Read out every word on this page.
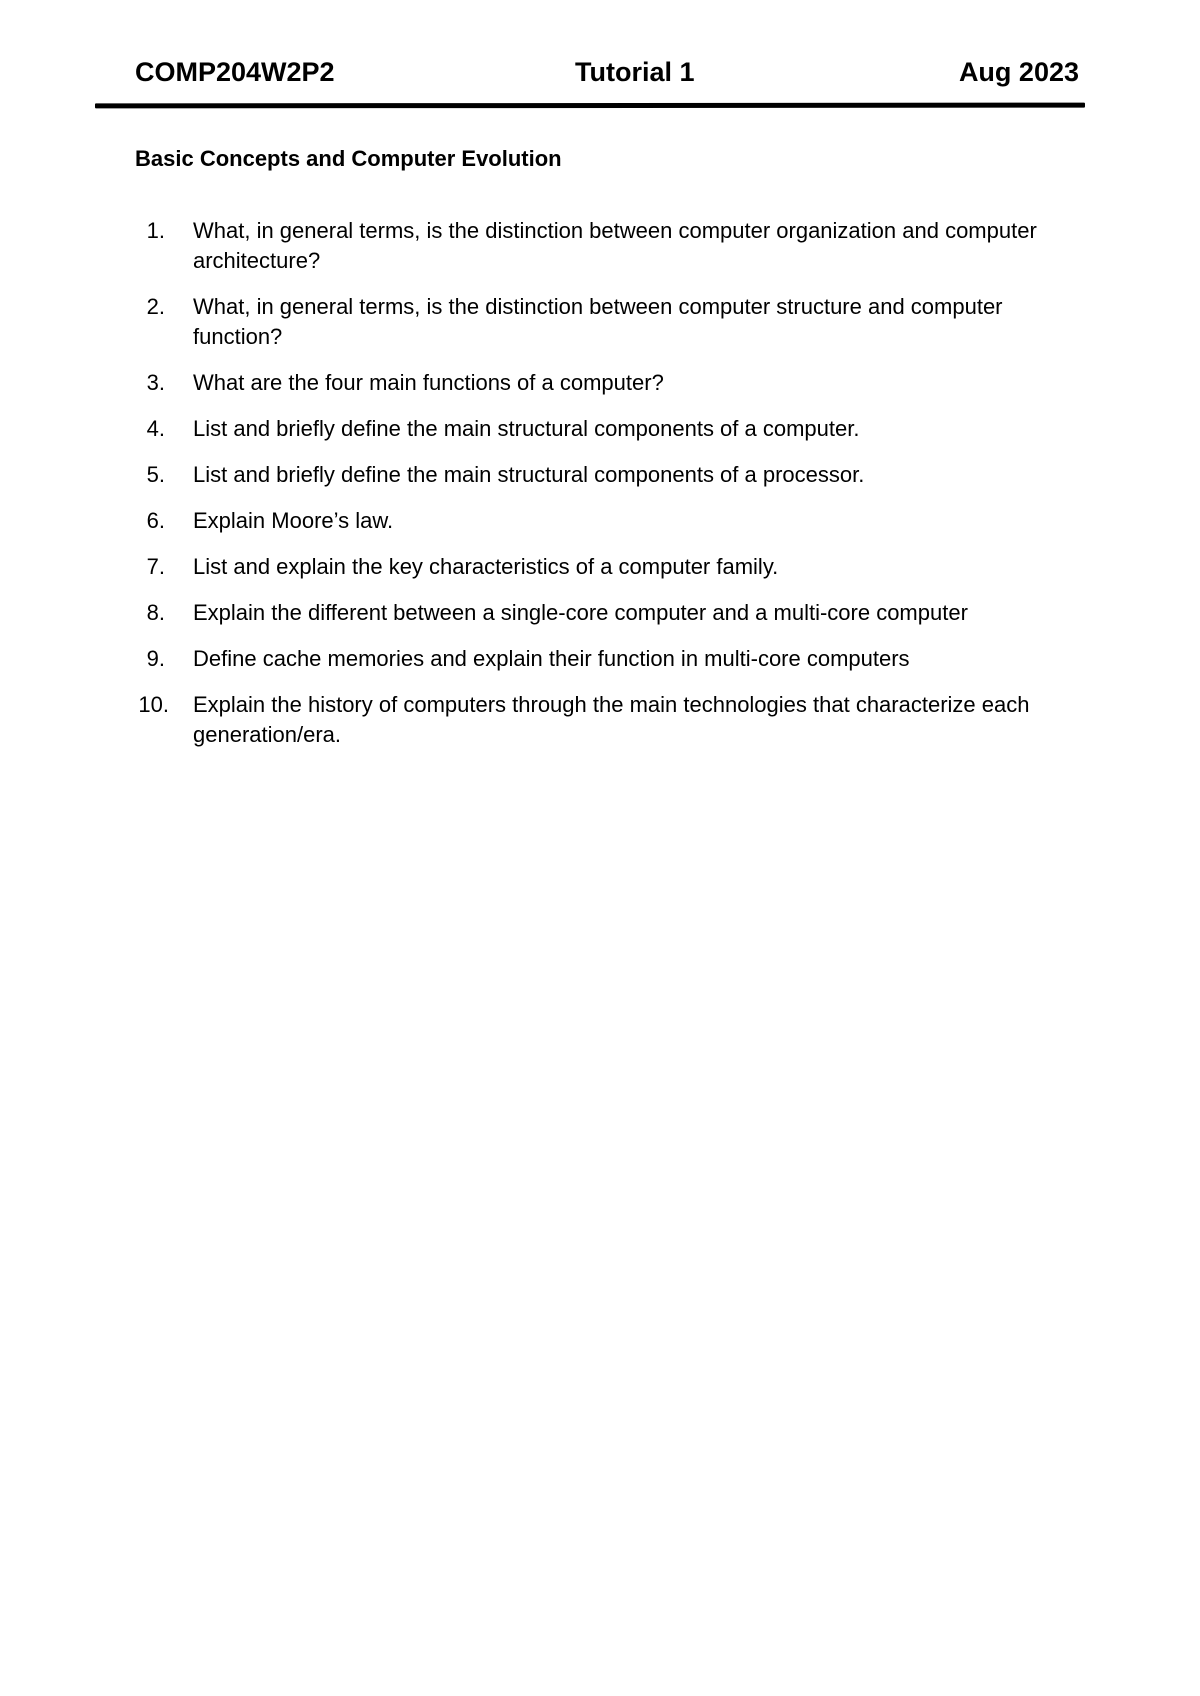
COMP204W2P2	Tutorial 1	Aug 2023
Basic Concepts and Computer Evolution
1. What, in general terms, is the distinction between computer organization and computer architecture?
2. What, in general terms, is the distinction between computer structure and computer function?
3. What are the four main functions of a computer?
4. List and briefly define the main structural components of a computer.
5. List and briefly define the main structural components of a processor.
6. Explain Moore’s law.
7. List and explain the key characteristics of a computer family.
8. Explain the different between a single-core computer and a multi-core computer
9. Define cache memories and explain their function in multi-core computers
10. Explain the history of computers through the main technologies that characterize each generation/era.
